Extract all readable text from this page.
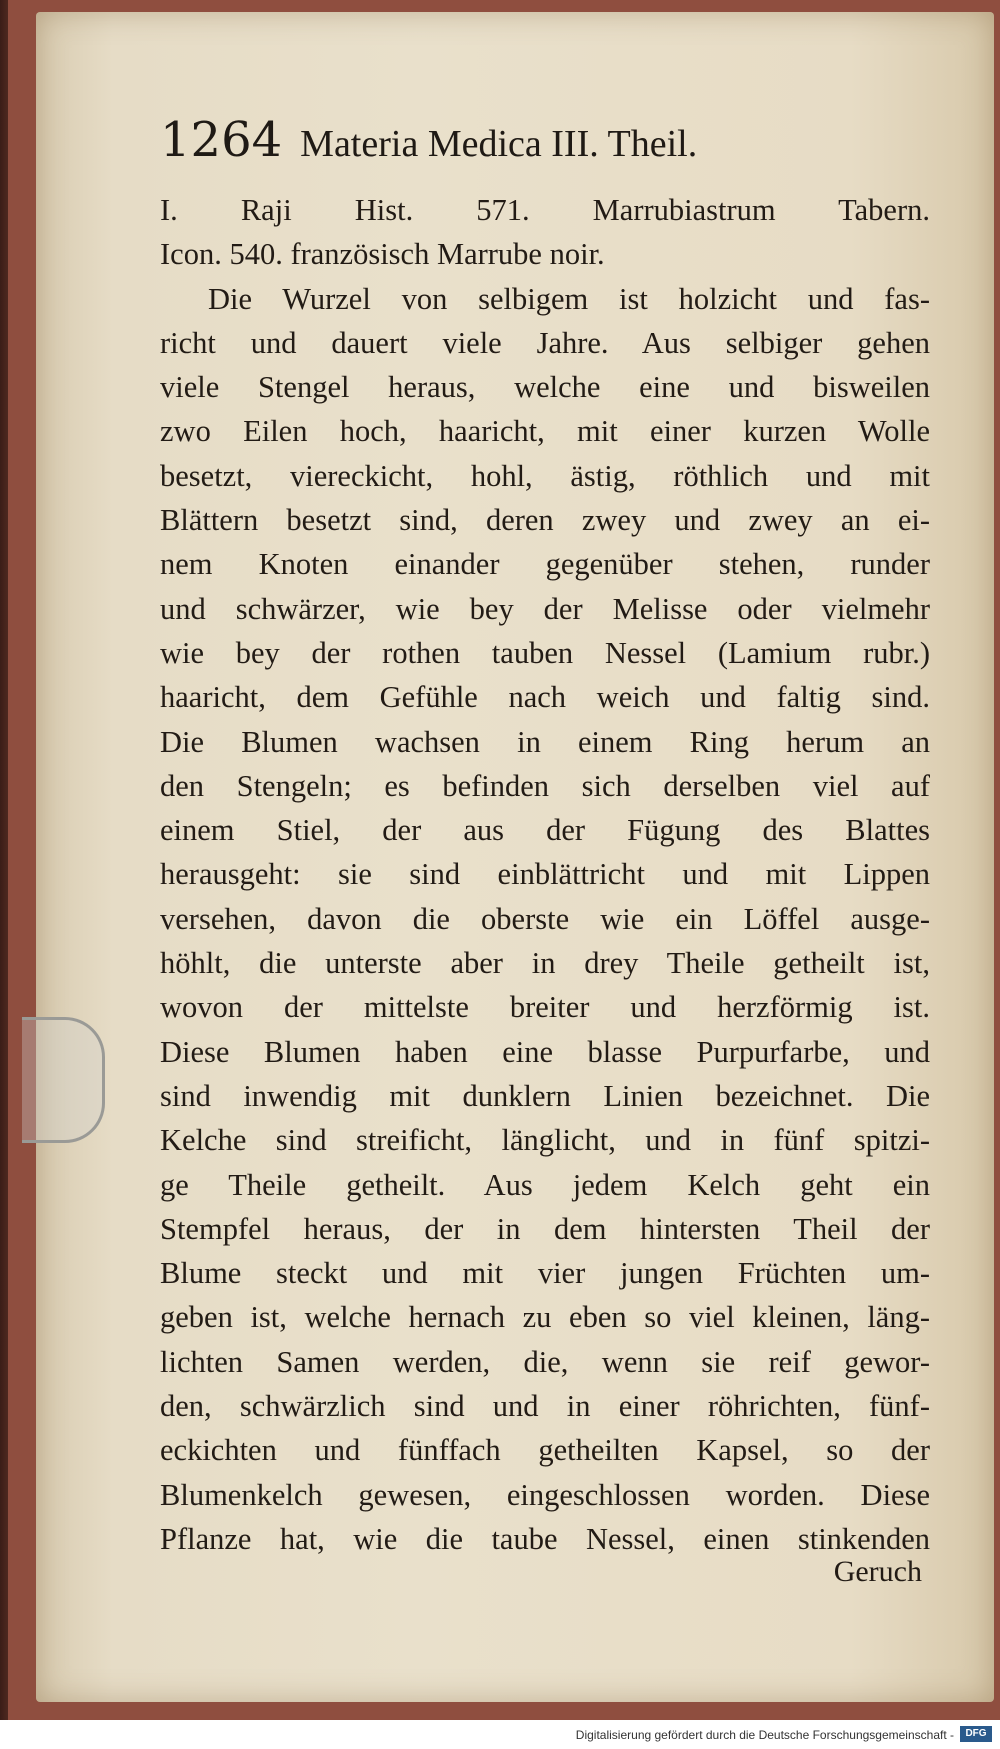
1264 Materia Medica III. Theil.
I. Raji Hist. 571. Marrubiastrum Tabern.
Icon. 540. französisch Marrube noir.
Die Wurzel von selbigem ist holzicht und fas-
richt und dauert viele Jahre. Aus selbiger gehen
viele Stengel heraus, welche eine und bisweilen
zwo Eilen hoch, haaricht, mit einer kurzen Wolle
besetzt, viereckicht, hohl, ästig, röthlich und mit
Blättern besetzt sind, deren zwey und zwey an ei-
nem Knoten einander gegenüber stehen, runder
und schwärzer, wie bey der Melisse oder vielmehr
wie bey der rothen tauben Nessel (Lamium rubr.)
haaricht, dem Gefühle nach weich und faltig sind.
Die Blumen wachsen in einem Ring herum an
den Stengeln; es befinden sich derselben viel auf
einem Stiel, der aus der Fügung des Blattes
herausgeht: sie sind einblättricht und mit Lippen
versehen, davon die oberste wie ein Löffel ausge-
höhlt, die unterste aber in drey Theile getheilt ist,
wovon der mittelste breiter und herzförmig ist.
Diese Blumen haben eine blasse Purpurfarbe, und
sind inwendig mit dunklern Linien bezeichnet. Die
Kelche sind streificht, länglicht, und in fünf spitzi-
ge Theile getheilt. Aus jedem Kelch geht ein
Stempfel heraus, der in dem hintersten Theil der
Blume steckt und mit vier jungen Früchten um-
geben ist, welche hernach zu eben so viel kleinen, läng-
lichten Samen werden, die, wenn sie reif gewor-
den, schwärzlich sind und in einer röhrichten, fünf-
eckichten und fünffach getheilten Kapsel, so der
Blumenkelch gewesen, eingeschlossen worden. Diese
Pflanze hat, wie die taube Nessel, einen stinkenden
Geruch
Digitalisierung gefördert durch die Deutsche Forschungsgemeinschaft -	DFG
